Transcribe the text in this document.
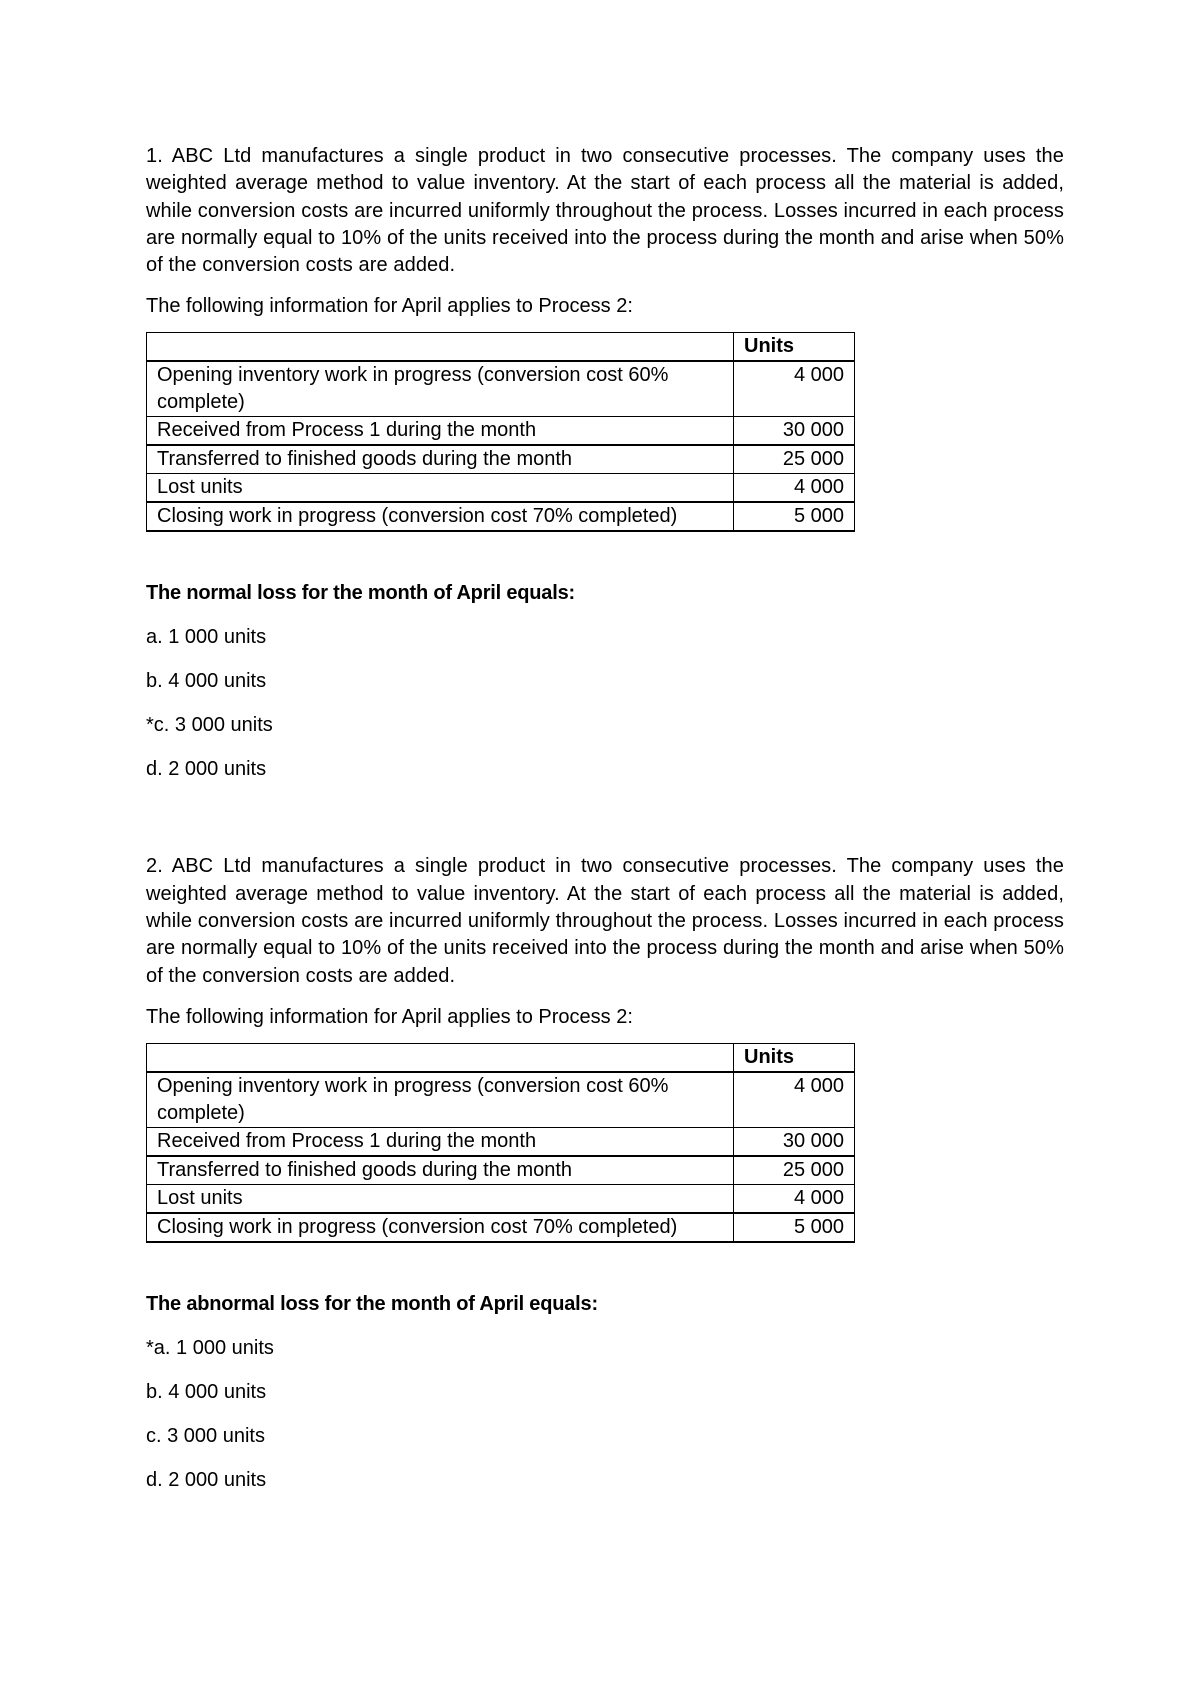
1. ABC Ltd manufactures a single product in two consecutive processes. The company uses the weighted average method to value inventory. At the start of each process all the material is added, while conversion costs are incurred uniformly throughout the process. Losses incurred in each process are normally equal to 10% of the units received into the process during the month and arise when 50% of the conversion costs are added.

The following information for April applies to Process 2:

	Units
Opening inventory work in progress (conversion cost 60% complete)	4 000
Received from Process 1 during the month	30 000
Transferred to finished goods during the month	25 000
Lost units	4 000
Closing work in progress (conversion cost 70% completed)	5 000

The normal loss for the month of April equals:

a. 1 000 units

b. 4 000 units

*c. 3 000 units

d. 2 000 units

2. ABC Ltd manufactures a single product in two consecutive processes. The company uses the weighted average method to value inventory. At the start of each process all the material is added, while conversion costs are incurred uniformly throughout the process. Losses incurred in each process are normally equal to 10% of the units received into the process during the month and arise when 50% of the conversion costs are added.

The following information for April applies to Process 2:

	Units
Opening inventory work in progress (conversion cost 60% complete)	4 000
Received from Process 1 during the month	30 000
Transferred to finished goods during the month	25 000
Lost units	4 000
Closing work in progress (conversion cost 70% completed)	5 000

The abnormal loss for the month of April equals:

*a. 1 000 units

b. 4 000 units

c. 3 000 units

d. 2 000 units
